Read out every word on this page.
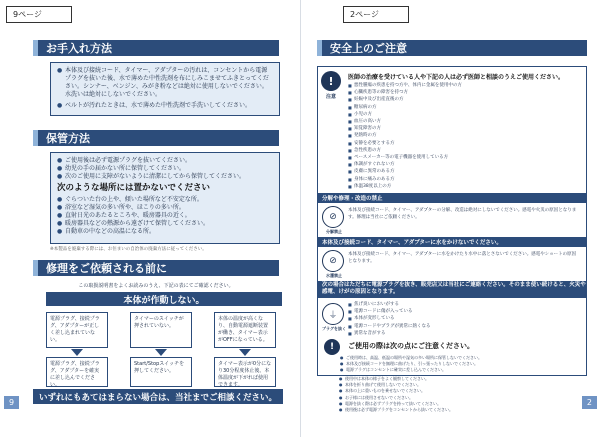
9ページ
お手入れ方法
● 本体及び接続コード、タイマー、アダプターの汚れは、コンセントから電源プラグを抜いた後、水で薄めた中性洗剤を布にしみこませてふきとってください。シンナー、ベンジン、みがき粉などは絶対に使用しないでください。水洗いは絶対にしないでください。
● ベルトが汚れたときは、水で薄めた中性洗剤で手洗いしてください。
保管方法
● ご使用後は必ず電源プラグを抜いてください。
● 幼児の手の届かない所に保管してください。
● 次のご使用に支障がないように清潔にしてから保管してください。
次のような場所には置かないでください
● ぐらついた台の上や、傾いた場所など不安定な所。
● 浴室など湿気の多い所や、ほこりの多い所。
● 直射日光のあたるところや、暖房器具の近く。
● 暖房器具などの熱源から遠ざけて保管してください。
● 自動車の中などの高温になる所。
※本製品を廃棄する際には、お住まいの自治体の廃棄方法に従ってください。
修理をご依頼される前に
この取扱説明書をよくお読みのうえ、下記の表にてご確認ください。
本体が作動しない。
電源プラグ、接続プラグ、アダプターが正しく差し込まれていない。
タイマーのスイッチが押されていない。
本体の温度が高くなり、自動電源遮断装置が働き、タイマー表示がOFFになっている。
電源プラグ、接続プラグ、アダプターを確実に差し込んでください。
Start/Stopスイッチを押してください。
タイマー表示が0分になり30分程度休止後、本体温度が下がれば使用できます。
いずれにもあてはまらない場合は、当社までご相談ください。
9
2ページ
安全上のご注意
!
注意
医師の治療を受けている人や下記の人は必ず医師と相談のうえご使用ください。
■ 悪性腫瘍の疾患を持つ方や、体内に金属を使用中の方
■ 心臓疾患等の障害を持つ方
■ 妊娠中及び出産直後の方
■ 糖尿病の方
■ 小児の方
■ 血圧の高い方
■ 知覚障害の方
■ 発熱時の方
■ 安静を必要とする方
■ 急性疾患の方
■ ペースメーカー等の電子機器を使用している方
■ 体調がすぐれない方
■ 皮膚に異常のある方
■ 身体に痛みのある方
■ 体温38度以上の方
分解や修理・改造の禁止
⊘
分解禁止
本体及び接続コード、タイマー、アダプターの分解、改造は絶対にしないでください。感電や火災の原因となります。修理は当社にご依頼ください。
本体及び接続コード、タイマー、アダプターに水をかけないでください。
⊘
水濡禁止
本体及び接続コード、タイマー、アダプターに水をかけたり水中に落とさないでください。感電やショートの原因となります。
次の場合はただちに電源プラグを抜き、販売店又は当社にご連絡ください。そのまま使い続けると、火災や感電、けがの原因となります。
⏚
プラグを抜く
■ 焦げ臭いにおいがする
■ 電源コードに傷が入っている
■ 本体が変形している
■ 電源コードやプラグが異常に熱くなる
■ 異常な音がする
!	ご使用の際は次の点にご注意ください。
● ご使用時は、高温、低温の場所や湿気の多い場所に保管しないでください。
● 本体及び接続コードを無理に曲げたり、引っ張ったりしないでください。
● 電源プラグはコンセントに確実に差し込んでください。
● 使用中は本体の様子をよく観察してください。
● 本体を折り曲げて使用しないでください。
● 本体の上に重いものを乗せないでください。
● お子様には使用させないでください。
● 電源を抜く際は必ずプラグを持って抜いてください。
● 使用後は必ず電源プラグをコンセントから抜いてください。
2
